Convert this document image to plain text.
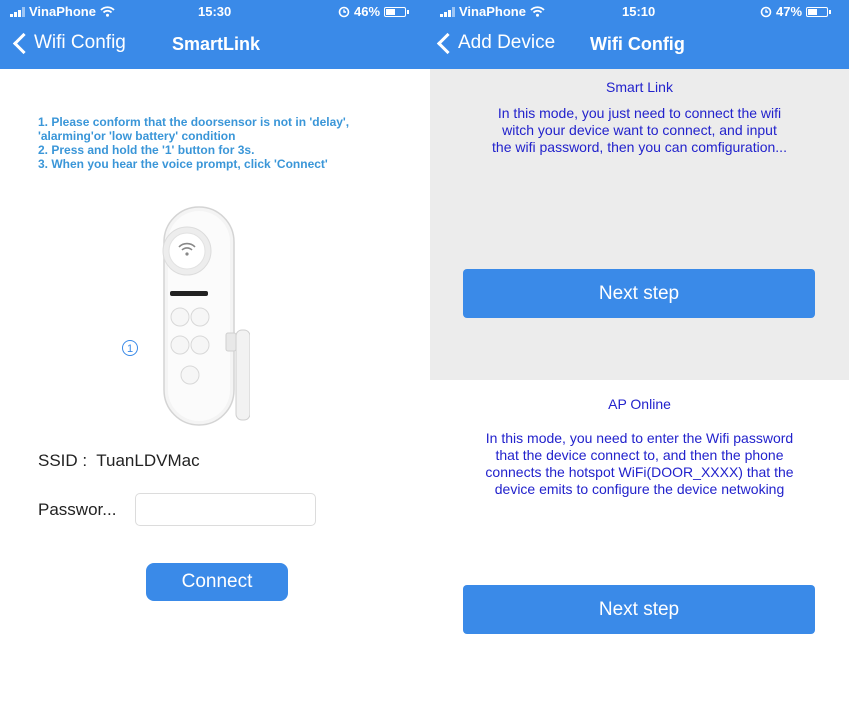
VinaPhone	15:30	46%
Wifi Config	SmartLink
1. Please conform that the doorsensor is not in 'delay',
'alarming'or 'low battery' condition
2. Press and hold the '1' button for 3s.
3. When you hear the voice prompt, click 'Connect'
1
SSID : TuanLDVMac
Passwor...
Connect
VinaPhone	15:10	47%
Add Device Wifi Config
Smart Link
In this mode, you just need to connect the wifi
witch your device want to connect, and input
the wifi password, then you can comfiguration...
Next step
AP Online
In this mode, you need to enter the Wifi password
that the device connect to, and then the phone
connects the hotspot WiFi(DOOR_XXXX) that the
device emits to configure the device netwoking
Next step
